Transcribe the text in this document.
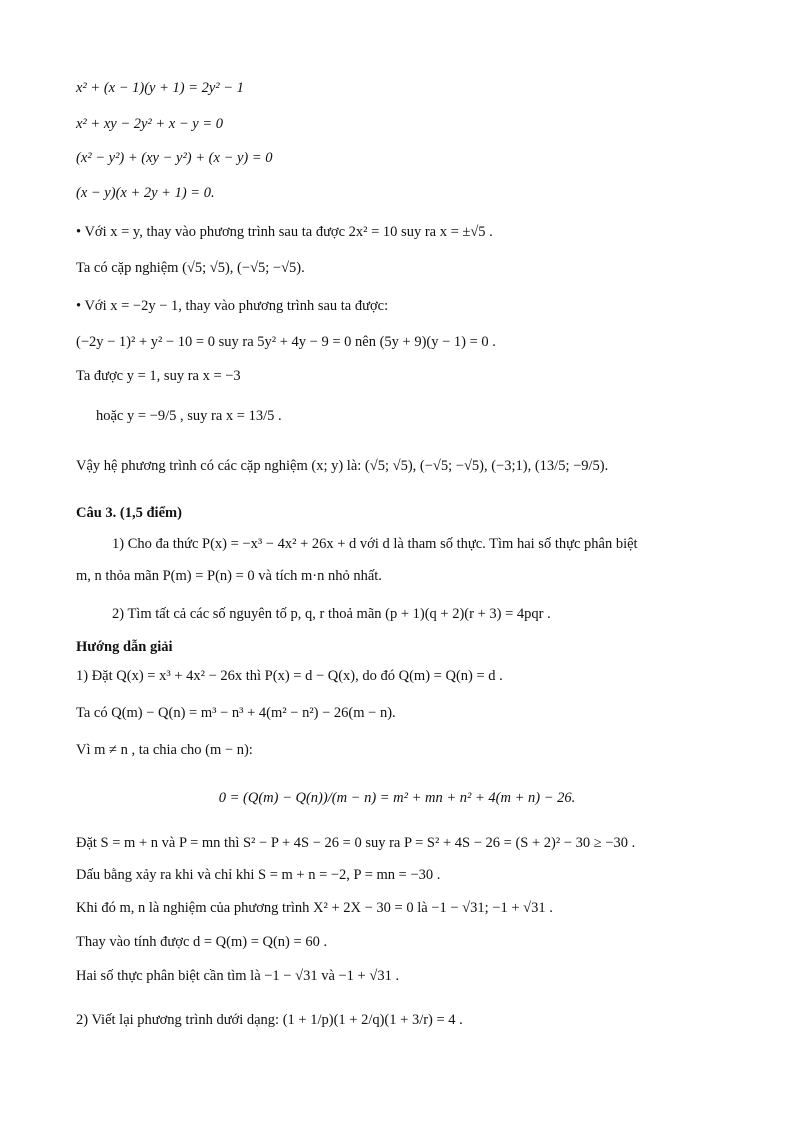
x² + (x − 1)(y + 1) = 2y² − 1
x² + xy − 2y² + x − y = 0
(x² − y²) + (xy − y²) + (x − y) = 0
(x − y)(x + 2y + 1) = 0.
• Với x = y, thay vào phương trình sau ta được 2x² = 10 suy ra x = ±√5 .
Ta có cặp nghiệm (√5; √5), (−√5; −√5).
• Với x = −2y − 1, thay vào phương trình sau ta được:
(−2y − 1)² + y² − 10 = 0 suy ra 5y² + 4y − 9 = 0 nên (5y + 9)(y − 1) = 0 .
Ta được y = 1, suy ra x = −3
hoặc y = −9/5 , suy ra x = 13/5 .
Vậy hệ phương trình có các cặp nghiệm (x; y) là: (√5; √5), (−√5; −√5), (−3;1), (13/5; −9/5).
Câu 3. (1,5 điểm)
1) Cho đa thức P(x) = −x³ − 4x² + 26x + d với d là tham số thực. Tìm hai số thực phân biệt
m, n thỏa mãn P(m) = P(n) = 0 và tích m·n nhỏ nhất.
2) Tìm tất cả các số nguyên tố p, q, r thoả mãn (p + 1)(q + 2)(r + 3) = 4pqr .
Hướng dẫn giải
1) Đặt Q(x) = x³ + 4x² − 26x thì P(x) = d − Q(x), do đó Q(m) = Q(n) = d .
Ta có Q(m) − Q(n) = m³ − n³ + 4(m² − n²) − 26(m − n).
Vì m ≠ n , ta chia cho (m − n):
0 = (Q(m) − Q(n))/(m − n) = m² + mn + n² + 4(m + n) − 26.
Đặt S = m + n và P = mn thì S² − P + 4S − 26 = 0 suy ra P = S² + 4S − 26 = (S + 2)² − 30 ≥ −30 .
Dấu bằng xảy ra khi và chỉ khi S = m + n = −2, P = mn = −30 .
Khi đó m, n là nghiệm của phương trình X² + 2X − 30 = 0 là −1 − √31; −1 + √31 .
Thay vào tính được d = Q(m) = Q(n) = 60 .
Hai số thực phân biệt cần tìm là −1 − √31 và −1 + √31 .
2) Viết lại phương trình dưới dạng: (1 + 1/p)(1 + 2/q)(1 + 3/r) = 4 .
